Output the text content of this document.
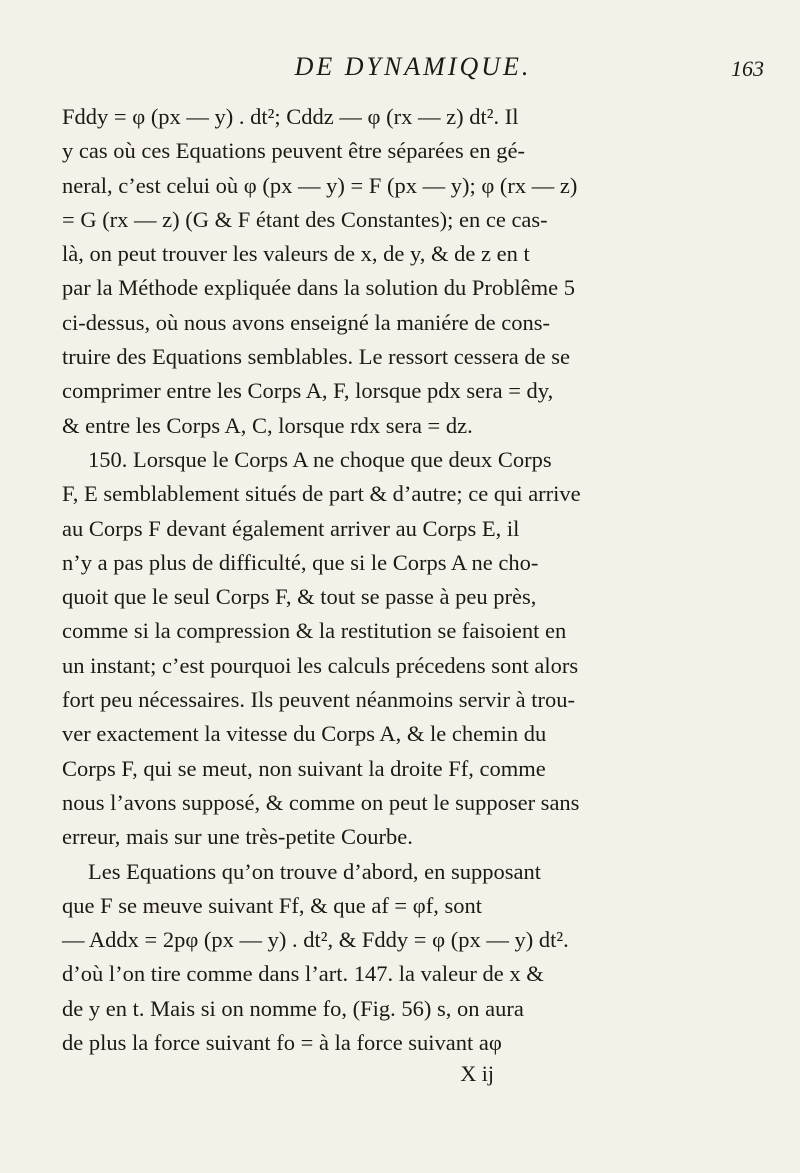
DE DYNAMIQUE.	163

Fddy = φ (px — y) . dt²; Cddz — φ (rx — z) dt². Il
y cas où ces Equations peuvent être séparées en gé-
neral, c’est celui où φ (px — y) = F (px — y); φ (rx — z)
= G (rx — z) (G & F étant des Constantes); en ce cas-
là, on peut trouver les valeurs de x, de y, & de z en t
par la Méthode expliquée dans la solution du Problême 5
ci-dessus, où nous avons enseigné la maniére de cons-
truire des Equations semblables. Le ressort cessera de se
comprimer entre les Corps A, F, lorsque pdx sera = dy,
& entre les Corps A, C, lorsque rdx sera = dz.

150. Lorsque le Corps A ne choque que deux Corps
F, E semblablement situés de part & d’autre; ce qui arrive
au Corps F devant également arriver au Corps E, il
n’y a pas plus de difficulté, que si le Corps A ne cho-
quoit que le seul Corps F, & tout se passe à peu près,
comme si la compression & la restitution se faisoient en
un instant; c’est pourquoi les calculs précedens sont alors
fort peu nécessaires. Ils peuvent néanmoins servir à trou-
ver exactement la vitesse du Corps A, & le chemin du
Corps F, qui se meut, non suivant la droite Ff, comme
nous l’avons supposé, & comme on peut le supposer sans
erreur, mais sur une très-petite Courbe.

Les Equations qu’on trouve d’abord, en supposant
que F se meuve suivant Ff, & que af = φf, sont
— Addx = 2pφ (px — y) . dt², & Fddy = φ (px — y) dt².
d’où l’on tire comme dans l’art. 147. la valeur de x &
de y en t. Mais si on nomme fo, (Fig. 56) s, on aura
de plus la force suivant fo = à la force suivant aφ

X ij
